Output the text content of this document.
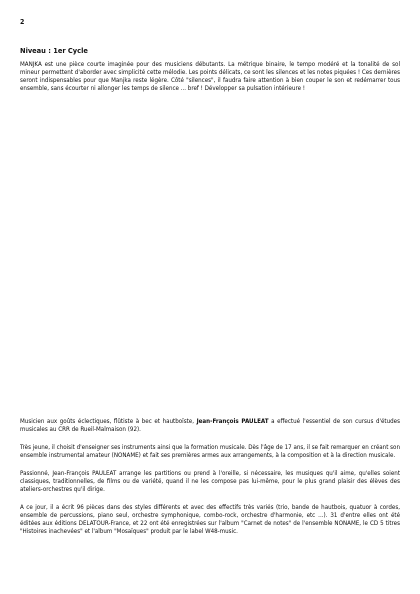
2
Niveau : 1er Cycle

MANJKA est une pièce courte imaginée pour des musiciens débutants. La métrique binaire, le tempo modéré et la tonalité de sol mineur permettent d'aborder avec simplicité cette mélodie. Les points délicats, ce sont les silences et les notes piquées ! Ces dernières seront indispensables pour que Manjka reste légère. Côté "silences", il faudra faire attention à bien couper le son et redémarrer tous ensemble, sans écourter ni allonger les temps de silence ... bref ! Développer sa pulsation intérieure !

Musicien aux goûts éclectiques, flûtiste à bec et hautboïste, Jean-François PAULEAT a effectué l'essentiel de son cursus d'études musicales au CRR de Rueil-Malmaison (92).

Très jeune, il choisit d'enseigner ses instruments ainsi que la formation musicale. Dès l'âge de 17 ans, il se fait remarquer en créant son ensemble instrumental amateur (NONAME) et fait ses premières armes aux arrangements, à la composition et à la direction musicale.

Passionné, Jean-François PAULEAT arrange les partitions ou prend à l'oreille, si nécessaire, les musiques qu'il aime, qu'elles soient classiques, traditionnelles, de films ou de variété, quand il ne les compose pas lui-même, pour le plus grand plaisir des élèves des ateliers-orchestres qu'il dirige.

A ce jour, il a écrit 96 pièces dans des styles différents et avec des effectifs très variés (trio, bande de hautbois, quatuor à cordes, ensemble de percussions, piano seul, orchestre symphonique, combo-rock, orchestre d'harmonie, etc ...). 31 d'entre elles ont été éditées aux éditions DELATOUR-France, et 22 ont été enregistrées sur l'album "Carnet de notes" de l'ensemble NONAME, le CD 5 titres "Histoires inachevées" et l'album "Mosaïques" produit par le label W48-music.
